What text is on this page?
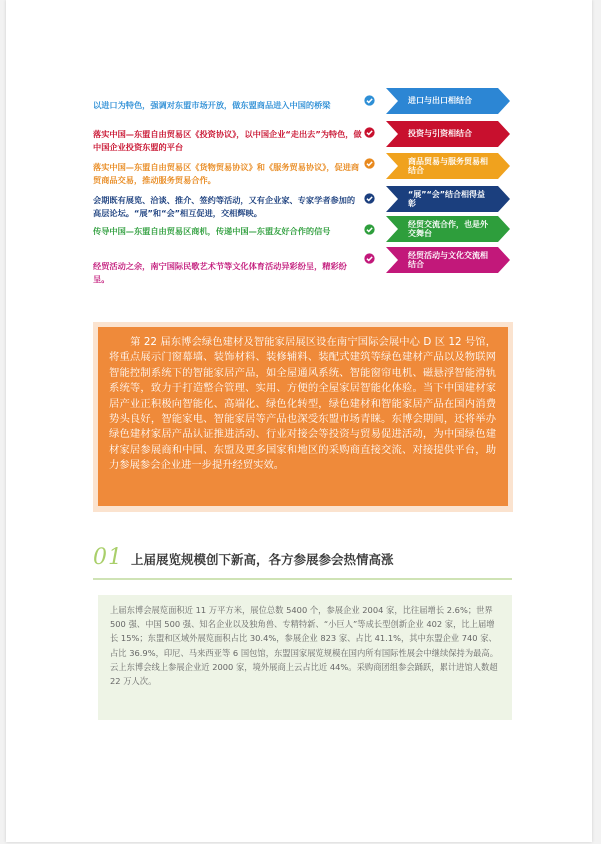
以进口为特色，强调对东盟市场开放，做东盟商品进入中国的桥梁	进口与出口相结合
落实中国—东盟自由贸易区《投资协议》，以中国企业“走出去”为特色，做中国企业投资东盟的平台
投资与引资相结合
落实中国—东盟自由贸易区《货物贸易协议》和《服务贸易协议》，促进商贸商品交易，推动服务贸易合作。
商品贸易与服务贸易相结合
会期既有展览、洽谈、推介、签约等活动，又有企业家、专家学者参加的高层论坛。“展”和“会”相互促进，交相辉映。
“展”“会”结合相得益彰
传导中国—东盟自由贸易区商机，传递中国—东盟友好合作的信号
经贸交流合作，也是外交舞台
经贸活动之余，南宁国际民歌艺术节等文化体育活动异彩纷呈，精彩纷呈。
经贸活动与文化交流相结合
第 22 届东博会绿色建材及智能家居展区设在南宁国际会展中心 D 区 12 号馆，将重点展示门窗幕墙、装饰材料、装修辅料、装配式建筑等绿色建材产品以及物联网智能控制系统下的智能家居产品，如全屋通风系统、智能窗帘电机、磁悬浮智能滑轨系统等，致力于打造整合管理、实用、方便的全屋家居智能化体验。当下中国建材家居产业正积极向智能化、高端化、绿色化转型，绿色建材和智能家居产品在国内消费势头良好，智能家电、智能家居等产品也深受东盟市场青睐。东博会期间，还将举办绿色建材家居产品认证推进活动、行业对接会等投资与贸易促进活动，为中国绿色建材家居参展商和中国、东盟及更多国家和地区的采购商直接交流、对接提供平台，助力参展参会企业进一步提升经贸实效。
01 上届展览规模创下新高，各方参展参会热情高涨
上届东博会展览面积近 11 万平方米，展位总数 5400 个，参展企业 2004 家，比往届增长 2.6%；世界 500 强、中国 500 强、知名企业以及独角兽、专精特新、“小巨人”等成长型创新企业 402 家，比上届增长 15%；东盟和区域外展览面积占比 30.4%，参展企业 823 家、占比 41.1%，其中东盟企业 740 家、占比 36.9%，印尼、马来西亚等 6 国包馆，东盟国家展览规模在国内所有国际性展会中继续保持为最高。云上东博会线上参展企业近 2000 家，境外展商上云占比近 44%。采购商团组参会踊跃，累计进馆人数超 22 万人次。
